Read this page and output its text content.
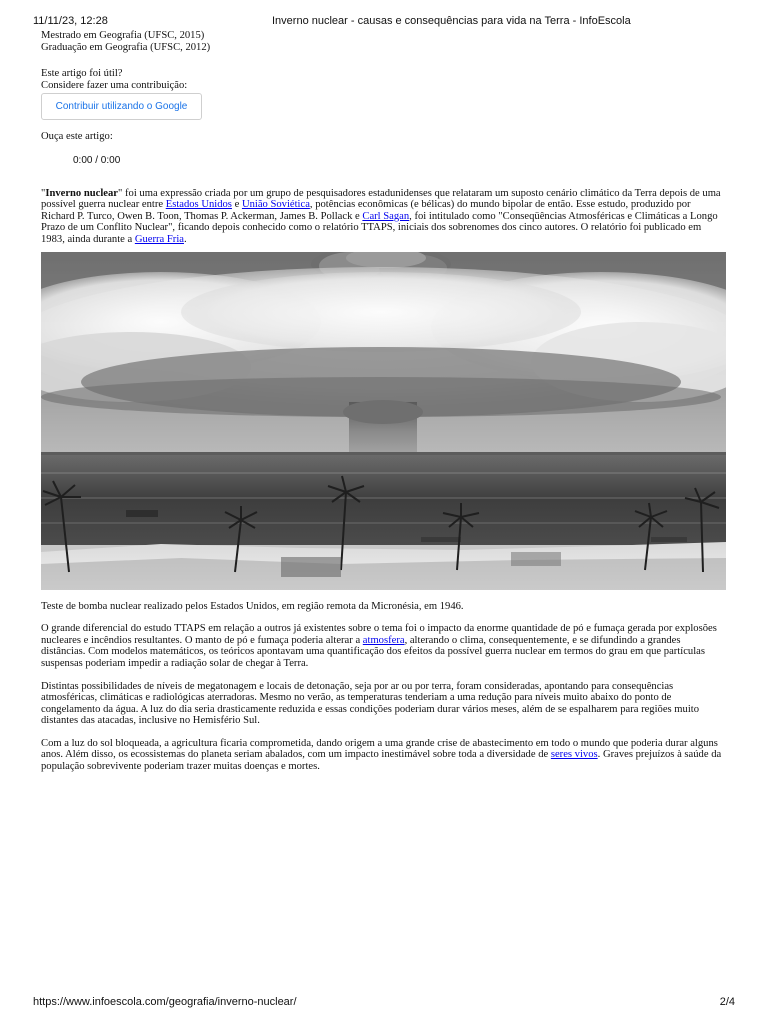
11/11/23, 12:28	Inverno nuclear - causas e consequências para vida na Terra - InfoEscola
Mestrado em Geografia (UFSC, 2015)
Graduação em Geografia (UFSC, 2012)
Este artigo foi útil?
Considere fazer uma contribuição:
Contribuir utilizando o Google
Ouça este artigo:
0:00 / 0:00

"Inverno nuclear" foi uma expressão criada por um grupo de pesquisadores estadunidenses que relataram um suposto cenário climático da Terra depois de uma possível guerra nuclear entre Estados Unidos e União Soviética, potências econômicas (e bélicas) do mundo bipolar de então. Esse estudo, produzido por Richard P. Turco, Owen B. Toon, Thomas P. Ackerman, James B. Pollack e Carl Sagan, foi intitulado como "Conseqüências Atmosféricas e Climáticas a Longo Prazo de um Conflito Nuclear", ficando depois conhecido como o relatório TTAPS, iniciais dos sobrenomes dos cinco autores. O relatório foi publicado em 1983, ainda durante a Guerra Fria.

Teste de bomba nuclear realizado pelos Estados Unidos, em região remota da Micronésia, em 1946.

O grande diferencial do estudo TTAPS em relação a outros já existentes sobre o tema foi o impacto da enorme quantidade de pó e fumaça gerada por explosões nucleares e incêndios resultantes. O manto de pó e fumaça poderia alterar a atmosfera, alterando o clima, consequentemente, e se difundindo a grandes distâncias. Com modelos matemáticos, os teóricos apontavam uma quantificação dos efeitos da possível guerra nuclear em termos do grau em que partículas suspensas poderiam impedir a radiação solar de chegar à Terra.

Distintas possibilidades de níveis de megatonagem e locais de detonação, seja por ar ou por terra, foram consideradas, apontando para consequências atmosféricas, climáticas e radiológicas aterradoras. Mesmo no verão, as temperaturas tenderiam a uma redução para níveis muito abaixo do ponto de congelamento da água. A luz do dia seria drasticamente reduzida e essas condições poderiam durar vários meses, além de se espalharem para regiões muito distantes das atacadas, inclusive no Hemisfério Sul.

Com a luz do sol bloqueada, a agricultura ficaria comprometida, dando origem a uma grande crise de abastecimento em todo o mundo que poderia durar alguns anos. Além disso, os ecossistemas do planeta seriam abalados, com um impacto inestimável sobre toda a diversidade de seres vivos. Graves prejuízos à saúde da população sobrevivente poderiam trazer muitas doenças e mortes.

https://www.infoescola.com/geografia/inverno-nuclear/	2/4
